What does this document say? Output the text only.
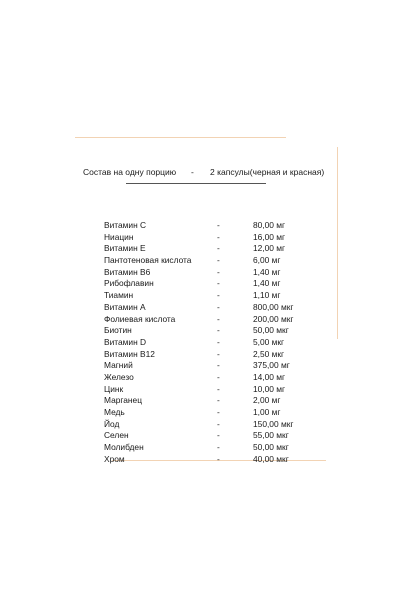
Состав на одну порцию - 2 капсулы(черная и красная)
Витамин С	-	80,00 мг
Ниацин	-	16,00 мг
Витамин Е	-	12,00 мг
Пантотеновая кислота	-	6,00 мг
Витамин В6	-	1,40 мг
Рибофлавин	-	1,40 мг
Тиамин	-	1,10 мг
Витамин А	-	800,00 мкг
Фолиевая кислота	-	200,00 мкг
Биотин	-	50,00 мкг
Витамин D	-	5,00 мкг
Витамин В12	-	2,50 мкг
Магний	-	375,00 мг
Железо	-	14,00 мг
Цинк	-	10,00 мг
Марганец	-	2,00 мг
Медь	-	1,00 мг
Йод	-	150,00 мкг
Селен	-	55,00 мкг
Молибден	-	50,00 мкг
Хром	-	40,00 мкг
